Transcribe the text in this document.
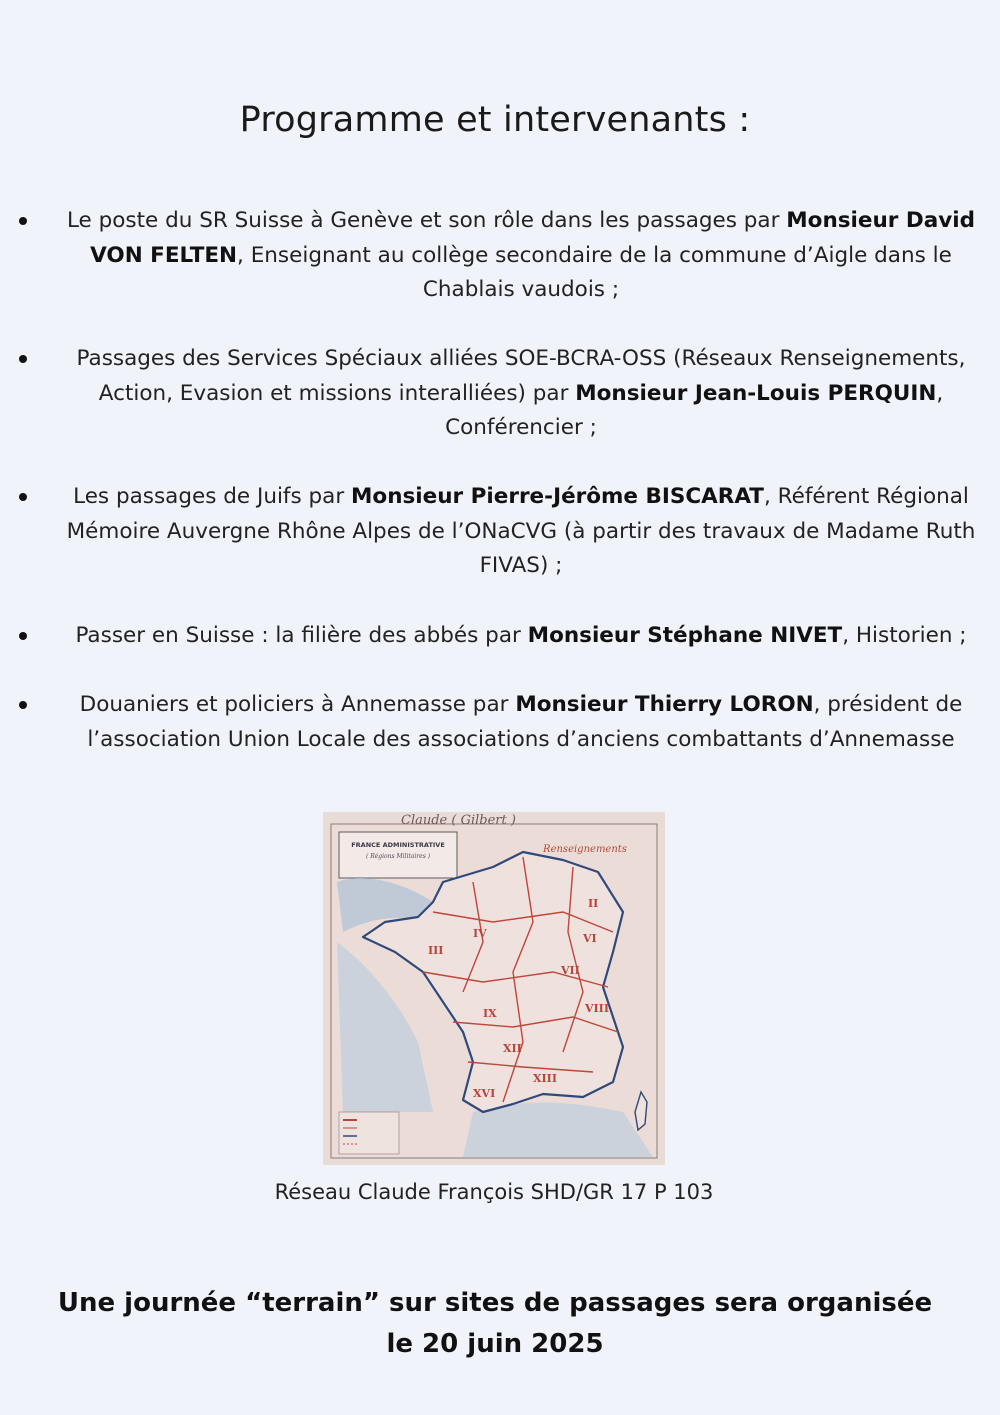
Programme et intervenants :
Le poste du SR Suisse à Genève et son rôle dans les passages par Monsieur David VON FELTEN, Enseignant au collège secondaire de la commune d’Aigle dans le Chablais vaudois ;
Passages des Services Spéciaux alliées SOE-BCRA-OSS (Réseaux Renseignements, Action, Evasion et missions interalliées) par Monsieur Jean-Louis PERQUIN, Conférencier ;
Les passages de Juifs par Monsieur Pierre-Jérôme BISCARAT, Référent Régional Mémoire Auvergne Rhône Alpes de l’ONaCVG (à partir des travaux de Madame Ruth FIVAS) ;
Passer en Suisse : la filière des abbés par Monsieur Stéphane NIVET, Historien ;
Douaniers et policiers à Annemasse par Monsieur Thierry LORON, président de l’association Union Locale des associations d’anciens combattants d’Annemasse
Claude ( Gilbert )
FRANCE ADMINISTRATIVE
( Régions Militaires )
Renseignements
II
III
IV	VI
VII
VIII
IX
XII
XIII
XVI
Réseau Claude François SHD/GR 17 P 103
Une journée “terrain” sur sites de passages sera organisée
le 20 juin 2025
